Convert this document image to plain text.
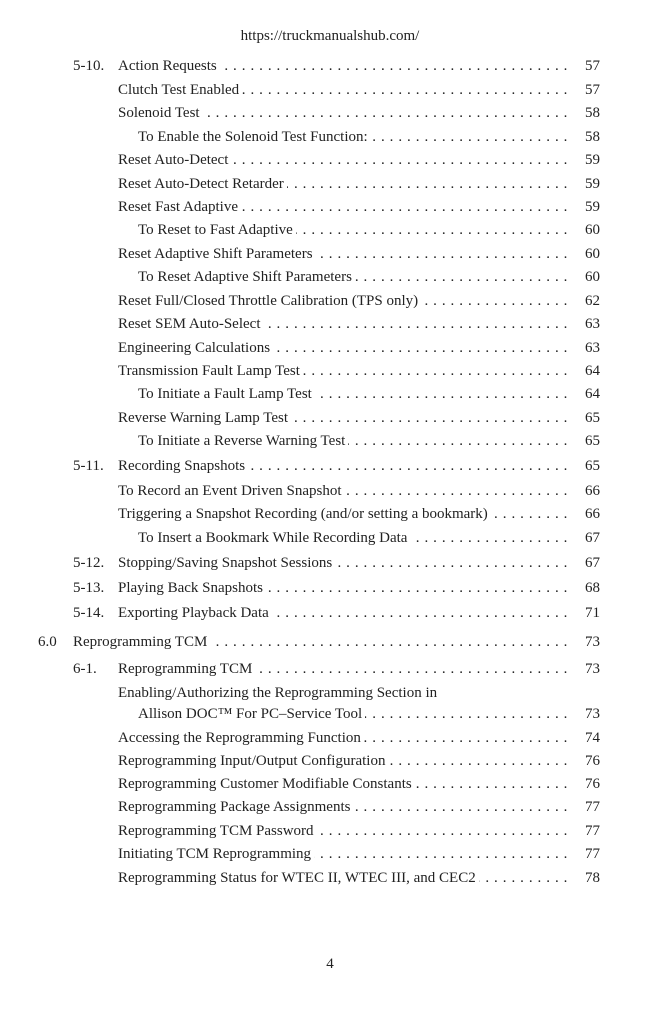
https://truckmanualshub.com/
5-10. Action Requests . . .	57
Clutch Test Enabled . . .	57
Solenoid Test . . .	58
To Enable the Solenoid Test Function: . . .	58
Reset Auto-Detect . . .	59
Reset Auto-Detect Retarder . . .	59
Reset Fast Adaptive . . .	59
To Reset to Fast Adaptive . . .	60
Reset Adaptive Shift Parameters . . .	60
To Reset Adaptive Shift Parameters . . .	60
Reset Full/Closed Throttle Calibration (TPS only) . . .	62
Reset SEM Auto-Select . . .	63
Engineering Calculations . . .	63
Transmission Fault Lamp Test . . .	64
To Initiate a Fault Lamp Test . . .	64
Reverse Warning Lamp Test . . .	65
To Initiate a Reverse Warning Test . . .	65
5-11. Recording Snapshots . . .	65
To Record an Event Driven Snapshot . . .	66
Triggering a Snapshot Recording (and/or setting a bookmark) . . .	66
To Insert a Bookmark While Recording Data . . .	67
5-12. Stopping/Saving Snapshot Sessions . . .	67
5-13. Playing Back Snapshots . . .	68
5-14. Exporting Playback Data . . .	71
6.0 Reprogramming TCM . . .	73
6-1. Reprogramming TCM . . .	73
Enabling/Authorizing the Reprogramming Section in
Allison DOC™ For PC–Service Tool . . .	73
Accessing the Reprogramming Function . . .	74
Reprogramming Input/Output Configuration . . .	76
Reprogramming Customer Modifiable Constants . . .	76
Reprogramming Package Assignments . . .	77
Reprogramming TCM Password . . .	77
Initiating TCM Reprogramming . . .	77
Reprogramming Status for WTEC II, WTEC III, and CEC2 . . .	78
4
